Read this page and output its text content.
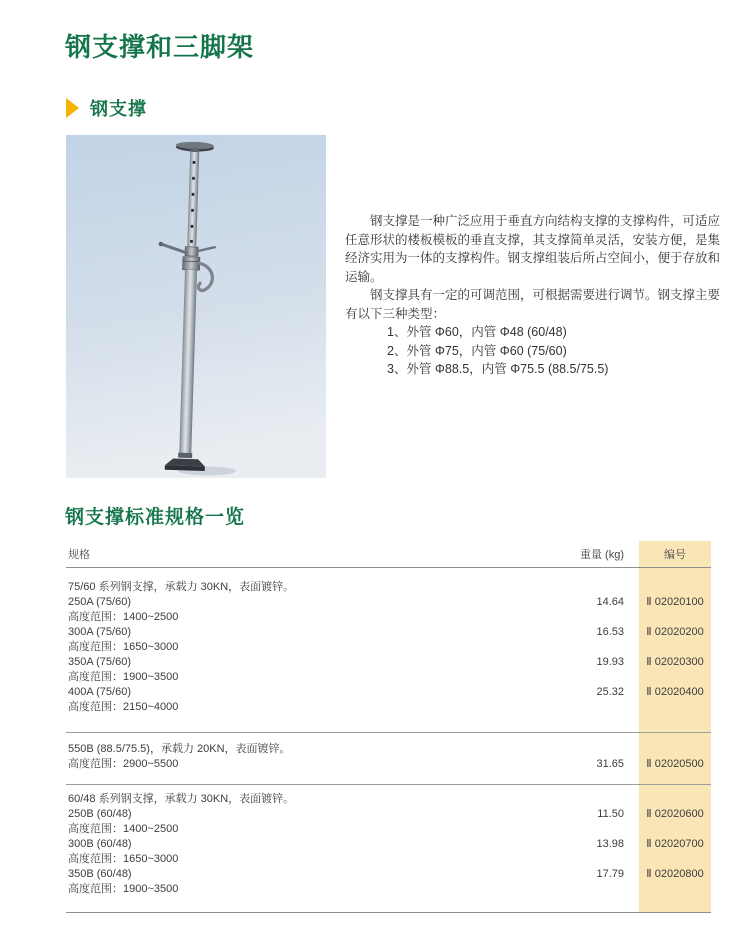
钢支撑和三脚架
钢支撑

钢支撑是一种广泛应用于垂直方向结构支撑的支撑构件，可适应任意形状的楼板模板的垂直支撑，其支撑简单灵活，安装方便，是集经济实用为一体的支撑构件。钢支撑组装后所占空间小，便于存放和运输。

钢支撑具有一定的可调范围，可根据需要进行调节。钢支撑主要有以下三种类型：

1、外管 Φ60，内管 Φ48 (60/48)
2、外管 Φ75，内管 Φ60 (75/60)
3、外管 Φ88.5，内管 Φ75.5 (88.5/75.5)
钢支撑标准规格一览
规格	重量 (kg)	编号
75/60 系列钢支撑，承载力 30KN，表面镀锌。
250A (75/60)	14.64	Ⅱ 02020100
高度范围：1400~2500
300A (75/60)	16.53	Ⅱ 02020200
高度范围：1650~3000
350A (75/60)	19.93	Ⅱ 02020300
高度范围：1900~3500
400A (75/60)	25.32	Ⅱ 02020400
高度范围：2150~4000
550B (88.5/75.5)，承载力 20KN，表面镀锌。
高度范围：2900~5500	31.65	Ⅱ 02020500
60/48 系列钢支撑，承载力 30KN，表面镀锌。
250B (60/48)	11.50	Ⅱ 02020600
高度范围：1400~2500
300B (60/48)	13.98	Ⅱ 02020700
高度范围：1650~3000
350B (60/48)	17.79	Ⅱ 02020800
高度范围：1900~3500
